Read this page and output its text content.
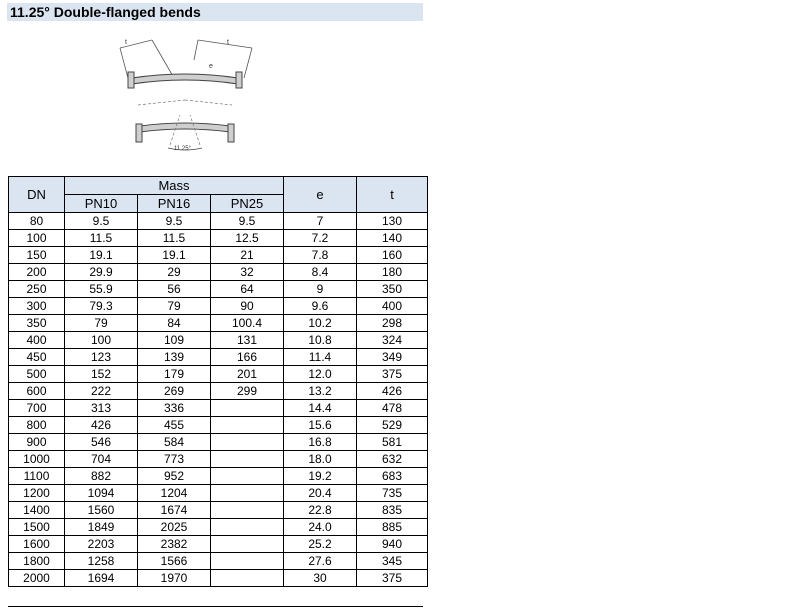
11.25° Double-flanged bends
t	t
e
11.25°
DN	Mass			e	t
	PN10	PN16	PN25		
80	9.5	9.5	9.5	7	130
100	11.5	11.5	12.5	7.2	140
150	19.1	19.1	21	7.8	160
200	29.9	29	32	8.4	180
250	55.9	56	64	9	350
300	79.3	79	90	9.6	400
350	79	84	100.4	10.2	298
400	100	109	131	10.8	324
450	123	139	166	11.4	349
500	152	179	201	12.0	375
600	222	269	299	13.2	426
700	313	336		14.4	478
800	426	455		15.6	529
900	546	584		16.8	581
1000	704	773		18.0	632
1100	882	952		19.2	683
1200	1094	1204		20.4	735
1400	1560	1674		22.8	835
1500	1849	2025		24.0	885
1600	2203	2382		25.2	940
1800	1258	1566		27.6	345
2000	1694	1970		30	375
